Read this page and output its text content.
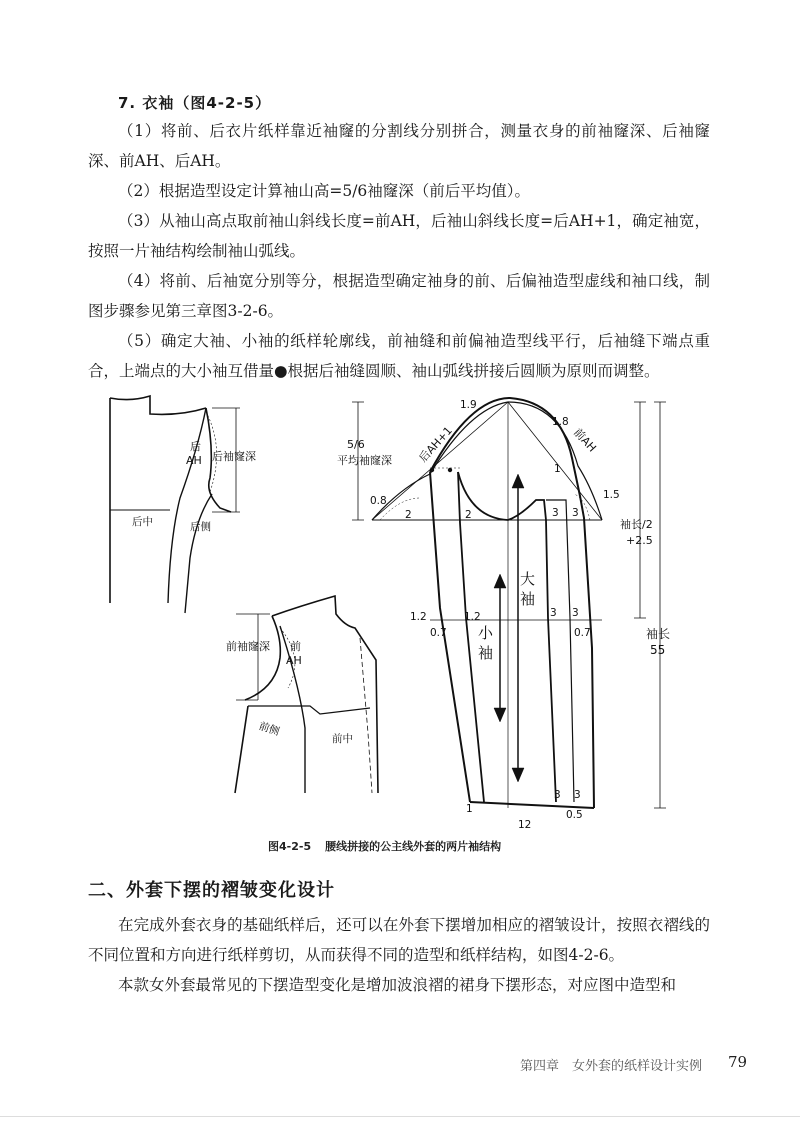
7. 衣袖（图4-2-5）
（1）将前、后衣片纸样靠近袖窿的分割线分别拼合，测量衣身的前袖窿深、后袖窿深、前AH、后AH。
（2）根据造型设定计算袖山高=5/6袖窿深（前后平均值）。
（3）从袖山高点取前袖山斜线长度=前AH，后袖山斜线长度=后AH+1，确定袖宽，按照一片袖结构绘制袖山弧线。
（4）将前、后袖宽分别等分，根据造型确定袖身的前、后偏袖造型虚线和袖口线，制图步骤参见第三章图3-2-6。
（5）确定大袖、小袖的纸样轮廓线，前袖缝和前偏袖造型线平行，后袖缝下端点重合，上端点的大小袖互借量●根据后袖缝圆顺、袖山弧线拼接后圆顺为原则而调整。
后 AH 后袖窿深
后中	后侧
前袖窿深	前 AH
前侧
前中
5/6
平均袖窿深 后AH+1	前AH
1.9
1.8
1
1.5
0.8
2	2	3 3
1.2	1.2
0.7	0.7
3 3
3 3
1
12
0.5
大袖
小袖
袖长/2
+2.5
袖长
55
图4-2-5 腰线拼接的公主线外套的两片袖结构
二、外套下摆的褶皱变化设计
在完成外套衣身的基础纸样后，还可以在外套下摆增加相应的褶皱设计，按照衣褶线的不同位置和方向进行纸样剪切，从而获得不同的造型和纸样结构，如图4-2-6。
本款女外套最常见的下摆造型变化是增加波浪褶的裙身下摆形态，对应图中造型和
第四章　女外套的纸样设计实例 79
